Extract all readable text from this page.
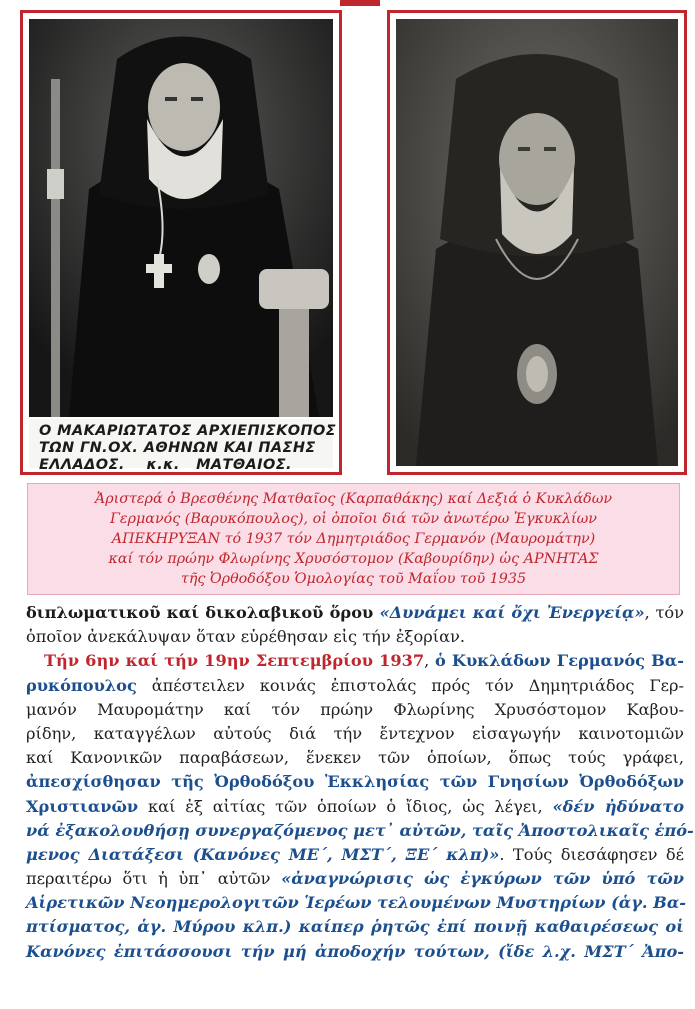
Ο ΜΑΚΑΡΙΩΤΑΤΟΣ ΑΡΧΙΕΠΙΣΚΟΠΟΣ
ΤΩΝ ΓΝ.ΟΧ. ΑΘΗΝΩΝ ΚΑΙ ΠΑΣΗΣ
ΕΛΛΑΔΟΣ.    κ.κ.   ΜΑΤΘΑΙΟΣ.
Ἀριστερά ὁ Βρεσθένης Ματθαῖος (Καρπαθάκης) καί Δεξιά ὁ Κυκλάδων
Γερμανός (Βαρυκόπουλος), οἱ ὁποῖοι διά τῶν ἀνωτέρω Ἐγκυκλίων
ΑΠΕΚΗΡΥΞΑΝ τό 1937 τόν Δημητριάδος Γερμανόν (Μαυρομάτην)
καί τόν πρώην Φλωρίνης Χρυσόστομον (Καβουρίδην) ὡς ΑΡΝΗΤΑΣ
τῆς Ὀρθοδόξου Ὁμολογίας τοῦ Μαΐου τοῦ 1935
διπλωματικοῦ καί δικολαβικοῦ ὅρου «Δυνάμει καί ὄχι Ἐνεργείᾳ», τόν
ὁποῖον ἀνεκάλυψαν ὅταν εὑρέθησαν εἰς τήν ἐξορίαν.
Τήν 6ην καί τήν 19ην Σεπτεμβρίου 1937, ὁ Κυκλάδων Γερμανός Βα-
ρυκόπουλος ἀπέστειλεν κοινάς ἐπιστολάς πρός τόν Δημητριάδος Γερ-
μανόν Μαυρομάτην καί τόν πρώην Φλωρίνης Χρυσόστομον Καβου-
ρίδην, καταγγέλων αὐτούς διά τήν ἔντεχνον εἰσαγωγήν καινοτομιῶν
καί Κανονικῶν παραβάσεων, ἕνεκεν τῶν ὁποίων, ὅπως τούς γράφει,
ἀπεσχίσθησαν τῆς Ὀρθοδόξου Ἐκκλησίας τῶν Γνησίων Ὀρθοδόξων
Χριστιανῶν καί ἐξ αἰτίας τῶν ὁποίων ὁ ἴδιος, ὡς λέγει, «δέν ἠδύνατο
νά ἐξακολουθήσῃ συνεργαζόμενος μετ᾽ αὐτῶν, ταῖς Ἀποστολικαῖς ἑπό-
μενος Διατάξεσι (Κανόνες ΜΕ΄, ΜΣΤ΄, ΞΕ΄ κλπ)». Τούς διεσάφησεν δέ
περαιτέρω ὅτι ἡ ὑπ᾽ αὐτῶν «ἀναγνώρισις ὡς ἐγκύρων τῶν ὑπό τῶν
Αἱρετικῶν Νεοημερολογιτῶν Ἱερέων τελουμένων Μυστηρίων (ἁγ. Βα-
πτίσματος, ἁγ. Μύρου κλπ.) καίπερ ῥητῶς ἐπί ποινῇ καθαιρέσεως οἱ
Κανόνες ἐπιτάσσουσι τήν μή ἀποδοχήν τούτων, (ἴδε λ.χ. ΜΣΤ΄ Ἀπο-
